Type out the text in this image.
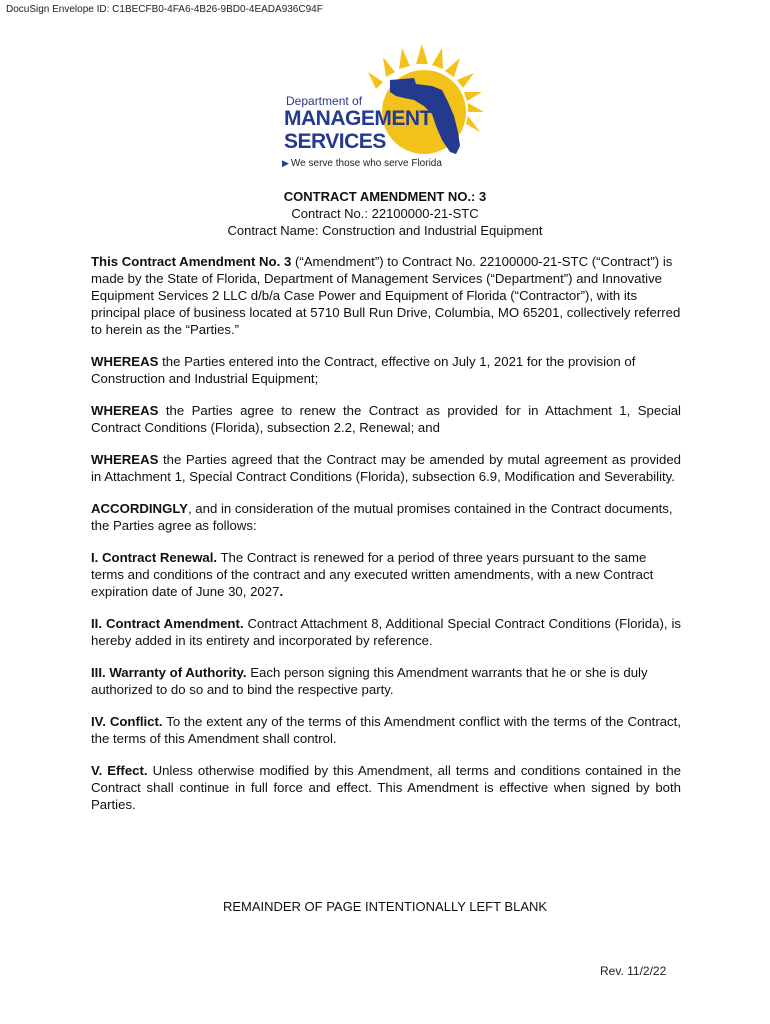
DocuSign Envelope ID: C1BECFB0-4FA6-4B26-9BD0-4EADA936C94F
Department of
MANAGEMENT
SERVICES
▶ We serve those who serve Florida
CONTRACT AMENDMENT NO.: 3
Contract No.: 22100000-21-STC
Contract Name: Construction and Industrial Equipment

This Contract Amendment No. 3 (“Amendment”) to Contract No. 22100000-21-STC (“Contract”) is made by the State of Florida, Department of Management Services (“Department”) and Innovative Equipment Services 2 LLC d/b/a Case Power and Equipment of Florida (“Contractor”), with its principal place of business located at 5710 Bull Run Drive, Columbia, MO 65201, collectively referred to herein as the “Parties.”

WHEREAS the Parties entered into the Contract, effective on July 1, 2021 for the provision of Construction and Industrial Equipment;

WHEREAS the Parties agree to renew the Contract as provided for in Attachment 1, Special Contract Conditions (Florida), subsection 2.2, Renewal; and

WHEREAS the Parties agreed that the Contract may be amended by mutal agreement as provided in Attachment 1, Special Contract Conditions (Florida), subsection 6.9, Modification and Severability.

ACCORDINGLY, and in consideration of the mutual promises contained in the Contract documents, the Parties agree as follows:

I. Contract Renewal. The Contract is renewed for a period of three years pursuant to the same terms and conditions of the contract and any executed written amendments, with a new Contract expiration date of June 30, 2027.

II. Contract Amendment. Contract Attachment 8, Additional Special Contract Conditions (Florida), is hereby added in its entirety and incorporated by reference.

III. Warranty of Authority. Each person signing this Amendment warrants that he or she is duly authorized to do so and to bind the respective party.

IV. Conflict. To the extent any of the terms of this Amendment conflict with the terms of the Contract, the terms of this Amendment shall control.

V. Effect. Unless otherwise modified by this Amendment, all terms and conditions contained in the Contract shall continue in full force and effect. This Amendment is effective when signed by both Parties.

REMAINDER OF PAGE INTENTIONALLY LEFT BLANK
Rev. 11/2/22
